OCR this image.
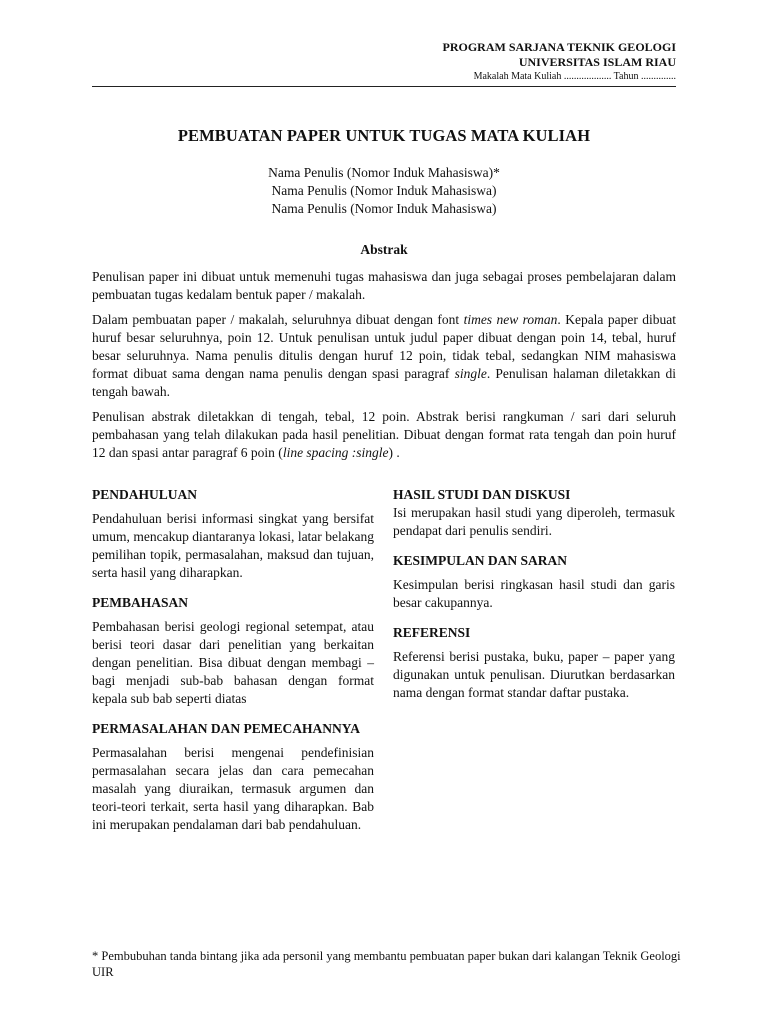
PROGRAM SARJANA TEKNIK GEOLOGI
UNIVERSITAS ISLAM RIAU
Makalah Mata Kuliah ................... Tahun ..............
PEMBUATAN PAPER UNTUK TUGAS MATA KULIAH
Nama Penulis (Nomor Induk Mahasiswa)*
Nama Penulis (Nomor Induk Mahasiswa)
Nama Penulis (Nomor Induk Mahasiswa)
Abstrak

Penulisan paper ini dibuat untuk memenuhi tugas mahasiswa dan juga sebagai proses pembelajaran dalam pembuatan tugas kedalam bentuk paper / makalah.

Dalam pembuatan paper / makalah, seluruhnya dibuat dengan font times new roman. Kepala paper dibuat huruf besar seluruhnya, poin 12. Untuk penulisan untuk judul paper dibuat dengan poin 14, tebal, huruf besar seluruhnya. Nama penulis ditulis dengan huruf 12 poin, tidak tebal, sedangkan NIM mahasiswa format dibuat sama dengan nama penulis dengan spasi paragraf single. Penulisan halaman diletakkan di tengah bawah.

Penulisan abstrak diletakkan di tengah, tebal, 12 poin. Abstrak berisi rangkuman / sari dari seluruh pembahasan yang telah dilakukan pada hasil penelitian. Dibuat dengan format rata tengah dan poin huruf 12 dan spasi antar paragraf 6 poin (line spacing :single) .

PENDAHULUAN

Pendahuluan berisi informasi singkat yang bersifat umum, mencakup diantaranya lokasi, latar belakang pemilihan topik, permasalahan, maksud dan tujuan, serta hasil yang diharapkan.

PEMBAHASAN

Pembahasan berisi geologi regional setempat, atau berisi teori dasar dari penelitian yang berkaitan dengan penelitian. Bisa dibuat dengan membagi – bagi menjadi sub-bab bahasan dengan format kepala sub bab seperti diatas

PERMASALAHAN DAN PEMECAHANNYA

Permasalahan berisi mengenai pendefinisian permasalahan secara jelas dan cara pemecahan masalah yang diuraikan, termasuk argumen dan teori-teori terkait, serta hasil yang diharapkan. Bab ini merupakan pendalaman dari bab pendahuluan.

HASIL STUDI DAN DISKUSI

Isi merupakan hasil studi yang diperoleh, termasuk pendapat dari penulis sendiri.

KESIMPULAN DAN SARAN

Kesimpulan berisi ringkasan hasil studi dan garis besar cakupannya.

REFERENSI

Referensi berisi pustaka, buku, paper – paper yang digunakan untuk penulisan. Diurutkan berdasarkan nama dengan format standar daftar pustaka.

* Pembubuhan tanda bintang jika ada personil yang membantu pembuatan paper bukan dari kalangan Teknik Geologi UIR
